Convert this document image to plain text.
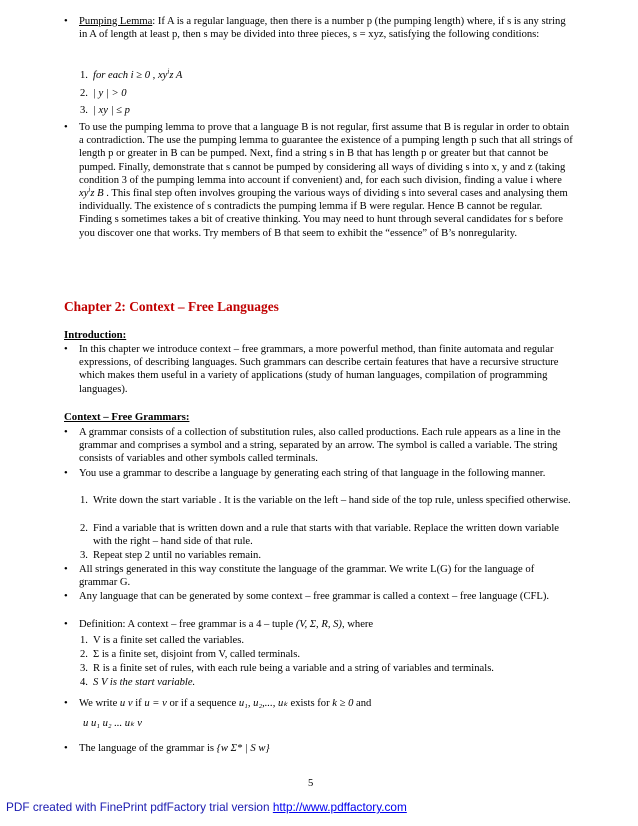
• Pumping Lemma: If A is a regular language, then there is a number p (the pumping length) where, if s is any string in A of length at least p, then s may be divided into three pieces, s = xyz, satisfying the following conditions:
1. for each i ≥ 0 , $xy^iz$ A
2. | y | > 0
3. | xy | ≤ p
• To use the pumping lemma to prove that a language B is not regular, first assume that B is regular in order to obtain a contradiction. The use the pumping lemma to guarantee the existence of a pumping length p such that all strings of length p or greater in B can be pumped. Next, find a string s in B that has length p or greater but that cannot be pumped. Finally, demonstrate that s cannot be pumped by considering all ways of dividing s into x, y and z (taking condition 3 of the pumping lemma into account if convenient) and, for each such division, finding a value i where $xy^iz$ B . This final step often involves grouping the various ways of dividing s into several cases and analysing them individually. The existence of s contradicts the pumping lemma if B were regular. Hence B cannot be regular.
Finding s sometimes takes a bit of creative thinking. You may need to hunt through several candidates for s before you discover one that works. Try members of B that seem to exhibit the “essence” of B’s nonregularity.
Chapter 2: Context – Free Languages
Introduction:
• In this chapter we introduce context – free grammars, a more powerful method, than finite automata and regular expressions, of describing languages. Such grammars can describe certain features that have a recursive structure which makes them useful in a variety of applications (study of human languages, compilation of programming languages).
Context – Free Grammars:
• A grammar consists of a collection of substitution rules, also called productions. Each rule appears as a line in the grammar and comprises a symbol and a string, separated by an arrow. The symbol is called a variable. The string consists of variables and other symbols called terminals.
• You use a grammar to describe a language by generating each string of that language in the following manner.
1. Write down the start variable . It is the variable on the left – hand side of the top rule, unless specified otherwise.
2. Find a variable that is written down and a rule that starts with that variable. Replace the written down variable with the right – hand side of that rule.
3. Repeat step 2 until no variables remain.
• All strings generated in this way constitute the language of the grammar. We write L(G) for the language of grammar G.
• Any language that can be generated by some context – free grammar is called a context – free language (CFL).
• Definition: A context – free grammar is a 4 – tuple (V, Σ, R, S), where
1. V is a finite set called the variables.
2. Σ is a finite set, disjoint from V, called terminals.
3. R is a finite set of rules, with each rule being a variable and a string of variables and terminals.
4. S V is the start variable.
• We write u v if u = v or if a sequence u₁, u₂,..., uₖ exists for k ≥ 0 and
u u₁ u₂ ... uₖ v
• The language of the grammar is {w Σ* | S w}
5
PDF created with FinePrint pdfFactory trial version http://www.pdffactory.com
